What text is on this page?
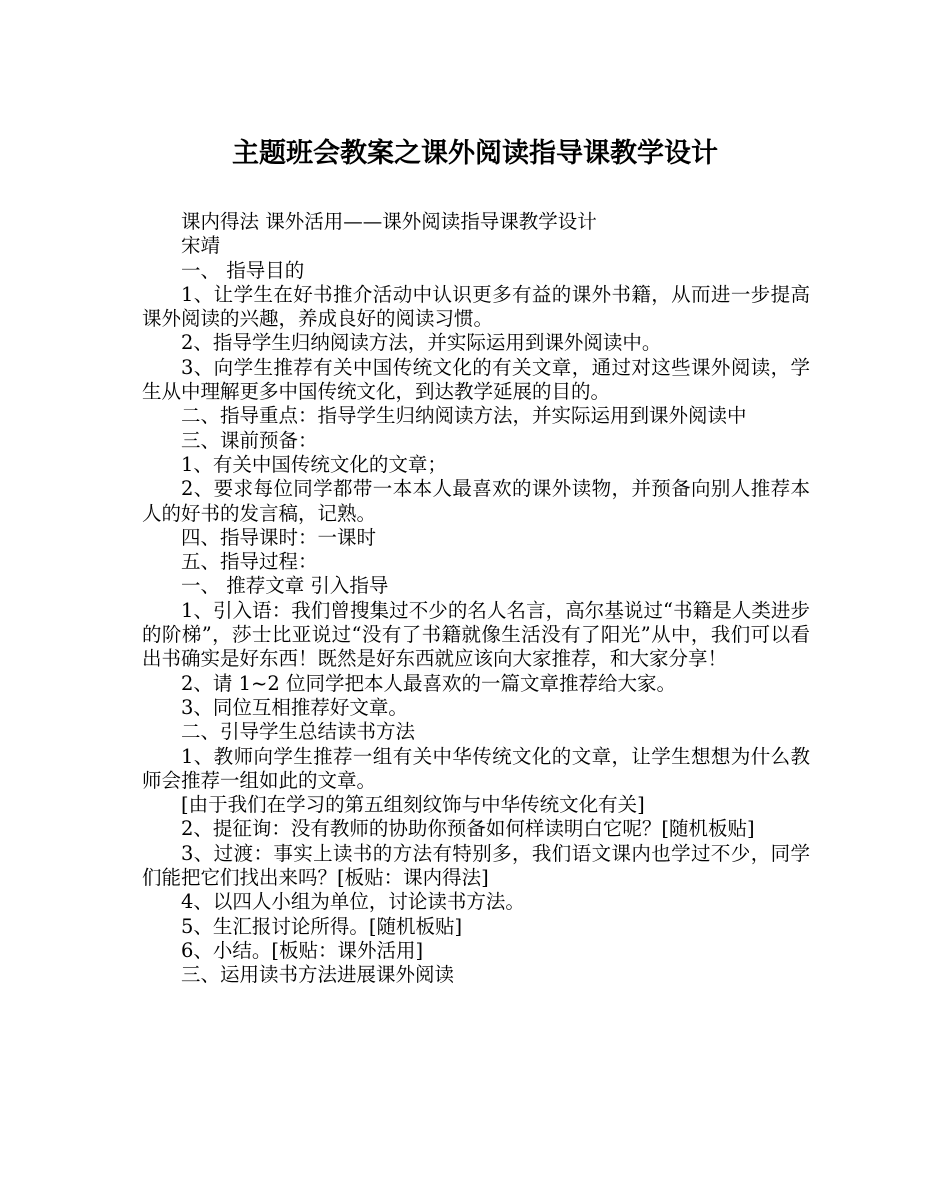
主题班会教案之课外阅读指导课教学设计

课内得法 课外活用——课外阅读指导课教学设计

宋靖

一、 指导目的

1、让学生在好书推介活动中认识更多有益的课外书籍，从而进一步提高课外阅读的兴趣，养成良好的阅读习惯。

2、指导学生归纳阅读方法，并实际运用到课外阅读中。

3、向学生推荐有关中国传统文化的有关文章，通过对这些课外阅读，学生从中理解更多中国传统文化，到达教学延展的目的。

二、指导重点：指导学生归纳阅读方法，并实际运用到课外阅读中

三、课前预备：

1、有关中国传统文化的文章；

2、要求每位同学都带一本本人最喜欢的课外读物，并预备向别人推荐本人的好书的发言稿，记熟。

四、指导课时：一课时

五、指导过程：

一、 推荐文章 引入指导

1、引入语：我们曾搜集过不少的名人名言，高尔基说过“书籍是人类进步的阶梯”，莎士比亚说过“没有了书籍就像生活没有了阳光”从中，我们可以看出书确实是好东西！既然是好东西就应该向大家推荐，和大家分享！

2、请 1~2 位同学把本人最喜欢的一篇文章推荐给大家。

3、同位互相推荐好文章。

二、引导学生总结读书方法

1、教师向学生推荐一组有关中华传统文化的文章，让学生想想为什么教师会推荐一组如此的文章。

[由于我们在学习的第五组刻纹饰与中华传统文化有关]

2、提征询：没有教师的协助你预备如何样读明白它呢？[随机板贴]

3、过渡：事实上读书的方法有特别多，我们语文课内也学过不少，同学们能把它们找出来吗？[板贴：课内得法]

4、以四人小组为单位，讨论读书方法。

5、生汇报讨论所得。[随机板贴]

6、小结。[板贴：课外活用]

三、运用读书方法进展课外阅读
